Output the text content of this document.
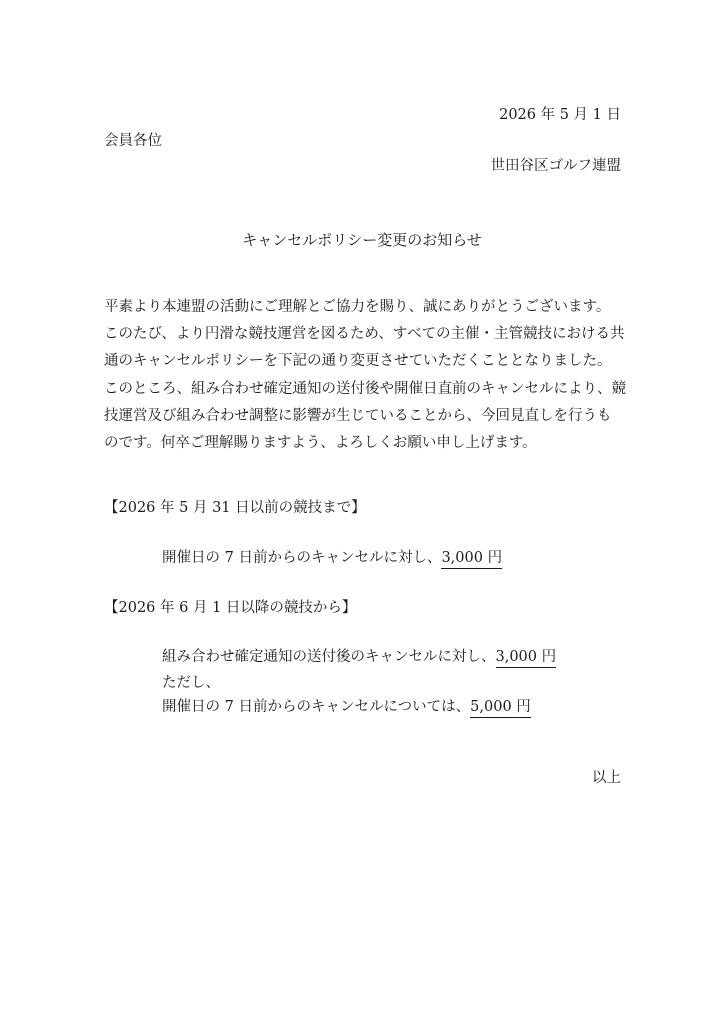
2026 年 5 月 1 日
会員各位
世田谷区ゴルフ連盟
キャンセルポリシー変更のお知らせ

平素より本連盟の活動にご理解とご協力を賜り、誠にありがとうございます。

このたび、より円滑な競技運営を図るため、すべての主催・主管競技における共

通のキャンセルポリシーを下記の通り変更させていただくこととなりました。

このところ、組み合わせ確定通知の送付後や開催日直前のキャンセルにより、競

技運営及び組み合わせ調整に影響が生じていることから、今回見直しを行うも

のです。何卒ご理解賜りますよう、よろしくお願い申し上げます。

【2026 年 5 月 31 日以前の競技まで】
開催日の 7 日前からのキャンセルに対し、3,000 円
【2026 年 6 月 1 日以降の競技から】
組み合わせ確定通知の送付後のキャンセルに対し、3,000 円
ただし、
開催日の 7 日前からのキャンセルについては、5,000 円
以上
